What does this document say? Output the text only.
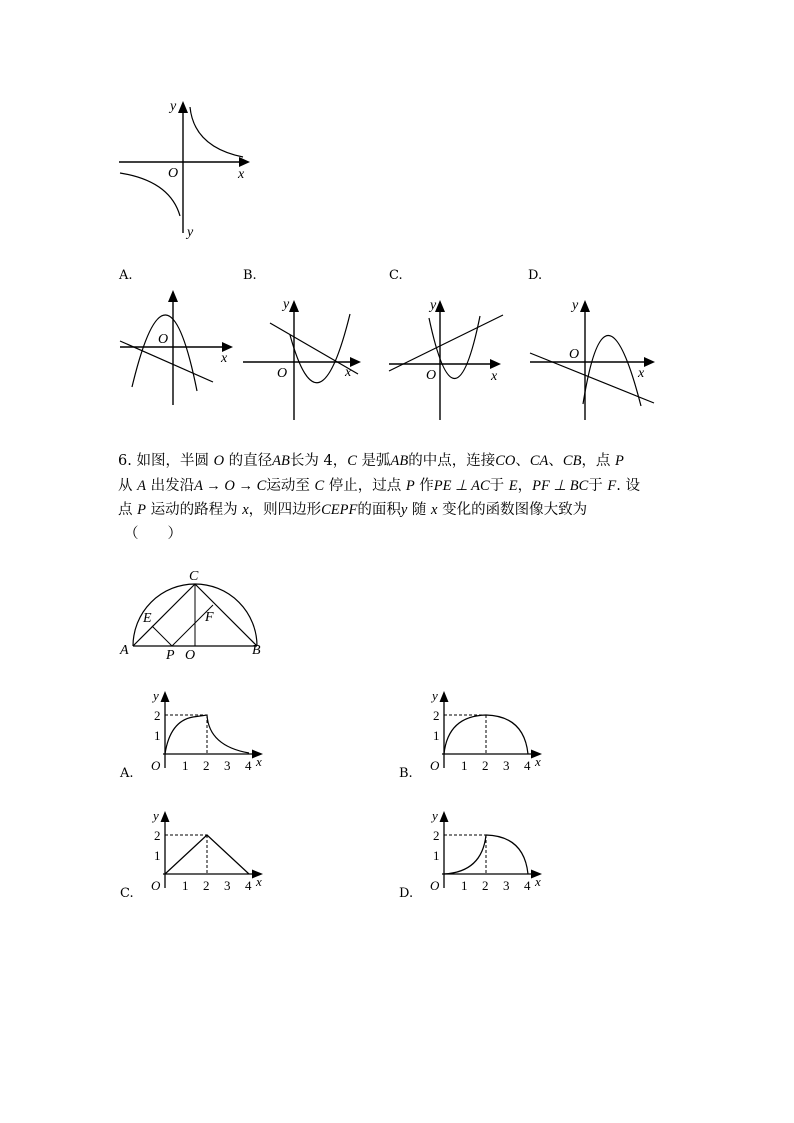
y
O	x
y
A.	B.	C.	D.
O
x
y
O	x
y
O	x
y
O
x

6. 如图，半圆 O 的直径AB长为 4，C 是弧AB的中点，连接CO、CA、CB，点 P

从 A 出发沿A → O → C运动至 C 停止，过点 P 作PE ⊥ AC于 E，PF ⊥ BC于 F. 设

点 P 运动的路程为 x，则四边形CEPF的面积y 随 x 变化的函数图像大致为

（　　）
C
E	F
A	P O	B
A.	B.
C.	D.
y
2
1
O 1 2 3 4 x
y
2
1
O 1 2 3 4 x
y
2
1
O 1 2 3 4 x
y
2
1
O 1 2 3 4 x
